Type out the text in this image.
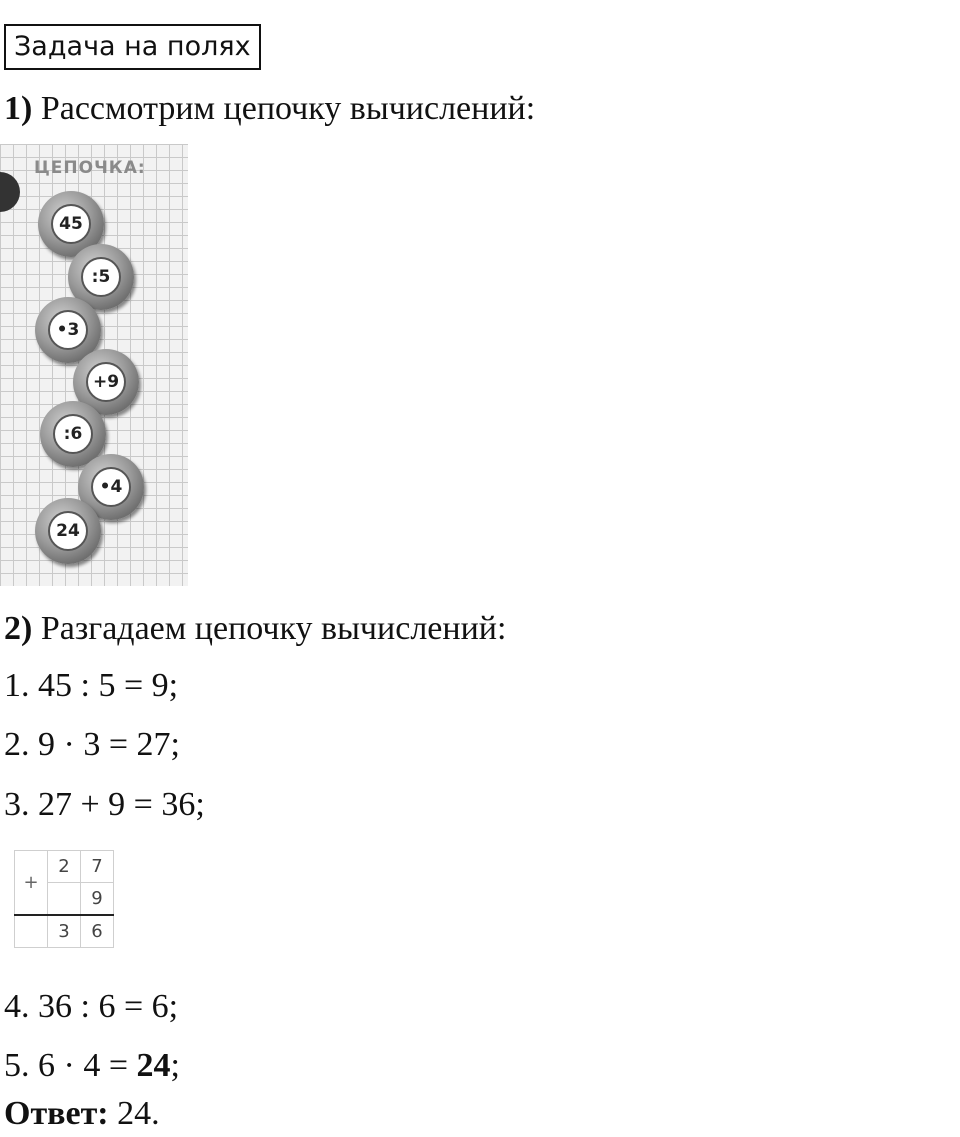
Задача на полях
1) Рассмотрим цепочку вычислений:
ЦЕПОЧКА:
45
:5
•3
+9
:6
•4
24
2) Разгадаем цепочку вычислений:
1. 45 : 5 = 9;
2. 9 · 3 = 27;
3. 27 + 9 = 36;
+	2	7
		9
	3	6
4. 36 : 6 = 6;
5. 6 · 4 = 24;
Ответ: 24.
